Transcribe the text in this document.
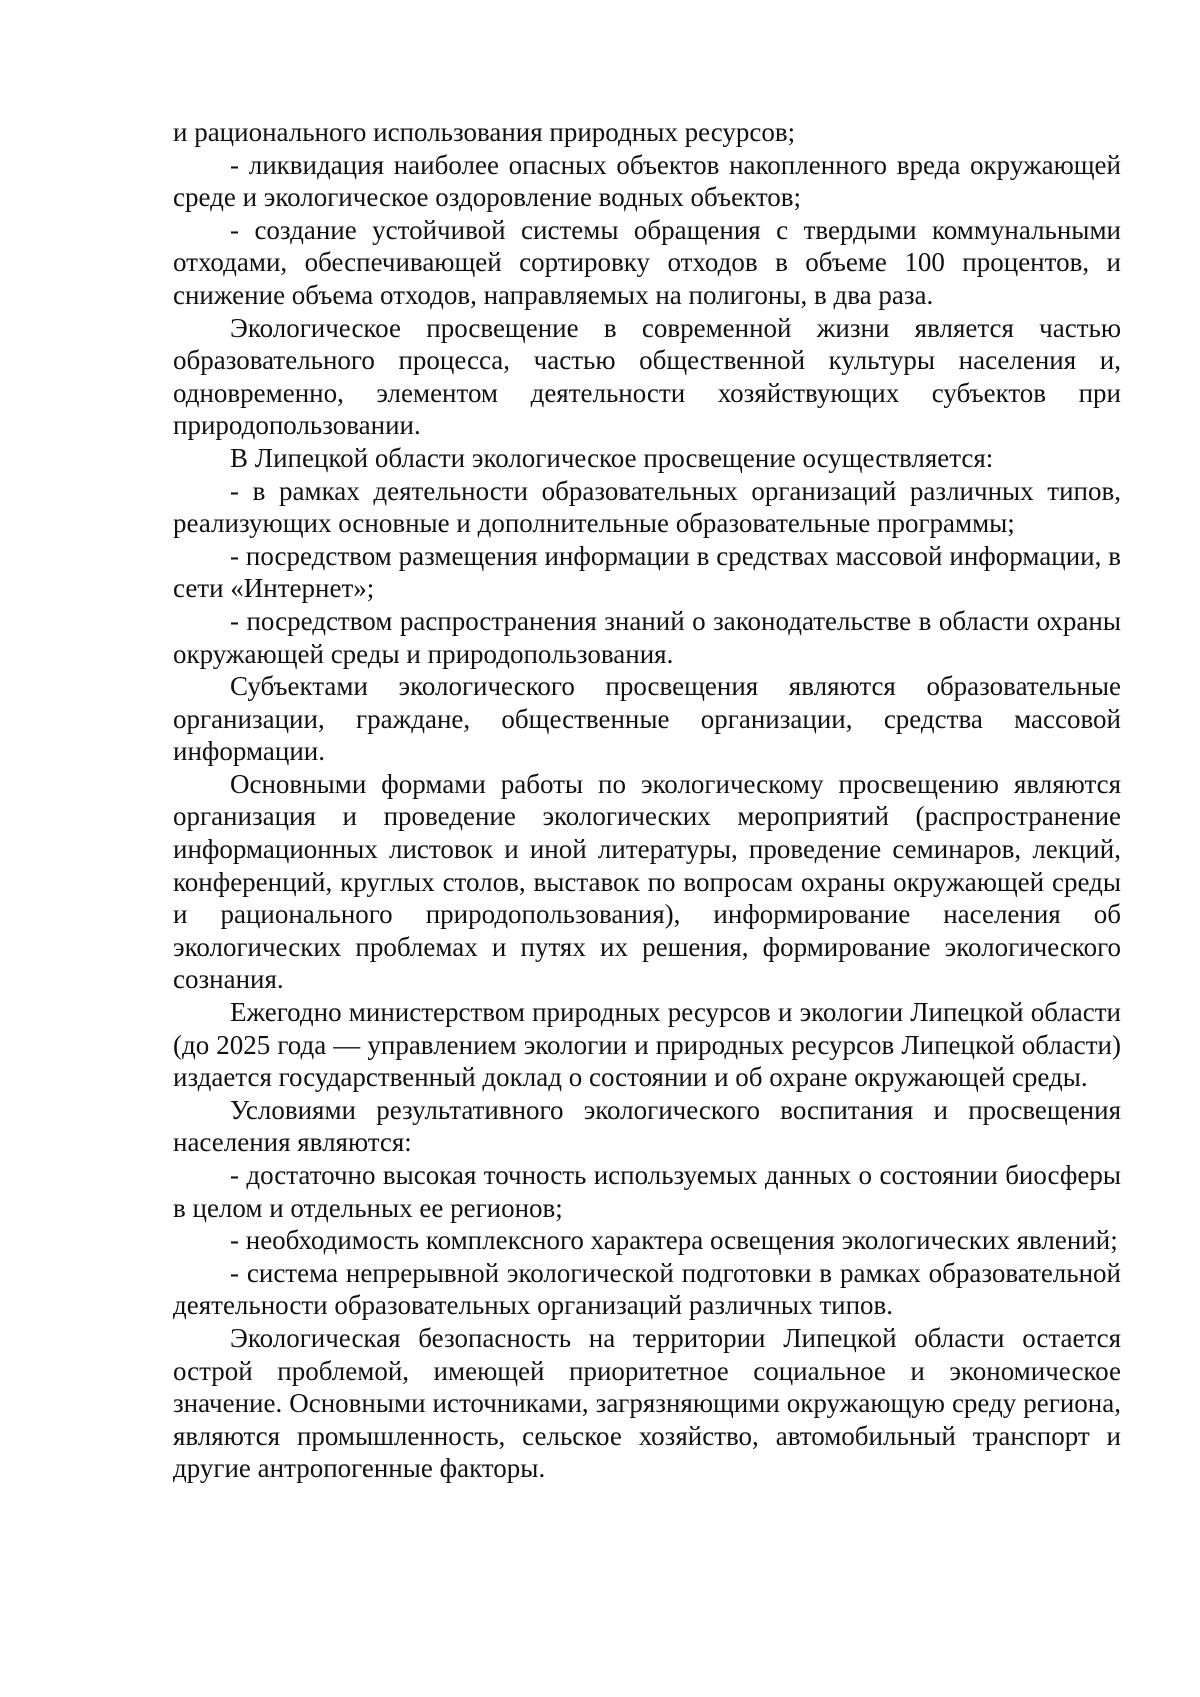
и рационального использования природных ресурсов;

- ликвидация наиболее опасных объектов накопленного вреда окружающей среде и экологическое оздоровление водных объектов;

- создание устойчивой системы обращения с твердыми коммунальными отходами, обеспечивающей сортировку отходов в объеме 100 процентов, и снижение объема отходов, направляемых на полигоны, в два раза.

Экологическое просвещение в современной жизни является частью образовательного процесса, частью общественной культуры населения и, одновременно, элементом деятельности хозяйствующих субъектов при природопользовании.

В Липецкой области экологическое просвещение осуществляется:

- в рамках деятельности образовательных организаций различных типов, реализующих основные и дополнительные образовательные программы;

- посредством размещения информации в средствах массовой информации, в сети «Интернет»;

- посредством распространения знаний о законодательстве в области охраны окружающей среды и природопользования.

Субъектами экологического просвещения являются образовательные организации, граждане, общественные организации, средства массовой информации.

Основными формами работы по экологическому просвещению являются организация и проведение экологических мероприятий (распространение информационных листовок и иной литературы, проведение семинаров, лекций, конференций, круглых столов, выставок по вопросам охраны окружающей среды и рационального природопользования), информирование населения об экологических проблемах и путях их решения, формирование экологического сознания.

Ежегодно министерством природных ресурсов и экологии Липецкой области (до 2025 года — управлением экологии и природных ресурсов Липецкой области) издается государственный доклад о состоянии и об охране окружающей среды.

Условиями результативного экологического воспитания и просвещения населения являются:

- достаточно высокая точность используемых данных о состоянии биосферы в целом и отдельных ее регионов;

- необходимость комплексного характера освещения экологических явлений;

- система непрерывной экологической подготовки в рамках образовательной деятельности образовательных организаций различных типов.

Экологическая безопасность на территории Липецкой области остается острой проблемой, имеющей приоритетное социальное и экономическое значение. Основными источниками, загрязняющими окружающую среду региона, являются промышленность, сельское хозяйство, автомобильный транспорт и другие антропогенные факторы.
